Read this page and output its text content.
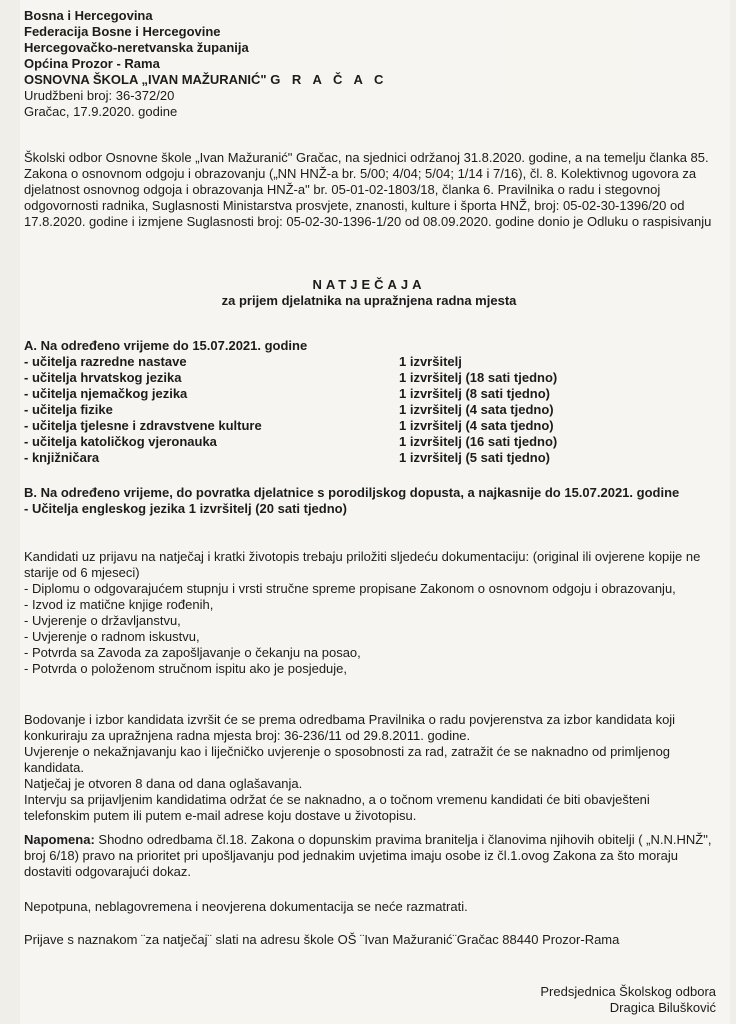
Bosna i Hercegovina
Federacija Bosne i Hercegovine
Hercegovačko-neretvanska županija
Općina Prozor - Rama
OSNOVNA ŠKOLA „IVAN MAŽURANIĆ" G R A Č A C
Urudžbeni broj: 36-372/20
Gračac, 17.9.2020. godine
Školski odbor Osnovne škole „Ivan Mažuranić" Gračac, na sjednici održanoj 31.8.2020. godine, a na temelju članka 85. Zakona o osnovnom odgoju i obrazovanju („NN HNŽ-a br. 5/00; 4/04; 5/04; 1/14 i 7/16), čl. 8. Kolektivnog ugovora za djelatnost osnovnog odgoja i obrazovanja HNŽ-a" br. 05-01-02-1803/18, članka 6. Pravilnika o radu i stegovnoj odgovornosti radnika, Suglasnosti Ministarstva prosvjete, znanosti, kulture i športa HNŽ, broj: 05-02-30-1396/20 od 17.8.2020. godine i izmjene Suglasnosti broj: 05-02-30-1396-1/20 od 08.09.2020. godine donio je Odluku o raspisivanju
NATJEČAJA
za prijem djelatnika na upražnjena radna mjesta
A. Na određeno vrijeme do 15.07.2021. godine
- učitelja razredne nastave	1 izvršitelj
- učitelja hrvatskog jezika	1 izvršitelj (18 sati tjedno)
- učitelja njemačkog jezika	1 izvršitelj (8 sati tjedno)
- učitelja fizike	1 izvršitelj (4 sata tjedno)
- učitelja tjelesne i zdravstvene kulture	1 izvršitelj (4 sata tjedno)
- učitelja katoličkog vjeronauka	1 izvršitelj (16 sati tjedno)
- knjižničara	1 izvršitelj (5 sati tjedno)
B. Na određeno vrijeme, do povratka djelatnice s porodiljskog dopusta, a najkasnije do 15.07.2021. godine
- Učitelja engleskog jezika 1 izvršitelj (20 sati tjedno)
Kandidati uz prijavu na natječaj i kratki životopis trebaju priložiti sljedeću dokumentaciju: (original ili ovjerene kopije ne starije od 6 mjeseci)
- Diplomu o odgovarajućem stupnju i vrsti stručne spreme propisane Zakonom o osnovnom odgoju i obrazovanju,
- Izvod iz matične knjige rođenih,
- Uvjerenje o državljanstvu,
- Uvjerenje o radnom iskustvu,
- Potvrda sa Zavoda za zapošljavanje o čekanju na posao,
- Potvrda o položenom stručnom ispitu ako je posjeduje,
Bodovanje i izbor kandidata izvršit će se prema odredbama Pravilnika o radu povjerenstva za izbor kandidata koji konkuriraju za upražnjena radna mjesta broj: 36-236/11 od 29.8.2011. godine.
Uvjerenje o nekažnjavanju kao i liječničko uvjerenje o sposobnosti za rad, zatražit će se naknadno od primljenog kandidata.
Natječaj je otvoren 8 dana od dana oglašavanja.
Intervju sa prijavljenim kandidatima održat će se naknadno, a o točnom vremenu kandidati će biti obavješteni telefonskim putem ili putem e-mail adrese koju dostave u životopisu.
Napomena: Shodno odredbama čl.18. Zakona o dopunskim pravima branitelja i članovima njihovih obitelji ( „N.N.HNŽ", broj 6/18) pravo na prioritet pri upošljavanju pod jednakim uvjetima imaju osobe iz čl.1.ovog Zakona za što moraju dostaviti odgovarajući dokaz.
Nepotpuna, neblagovremena i neovjerena dokumentacija se neće razmatrati.
Prijave s naznakom ¨za natječaj¨ slati na adresu škole OŠ ¨Ivan Mažuranić¨Gračac 88440 Prozor-Rama
Predsjednica Školskog odbora
Dragica Bilušković
